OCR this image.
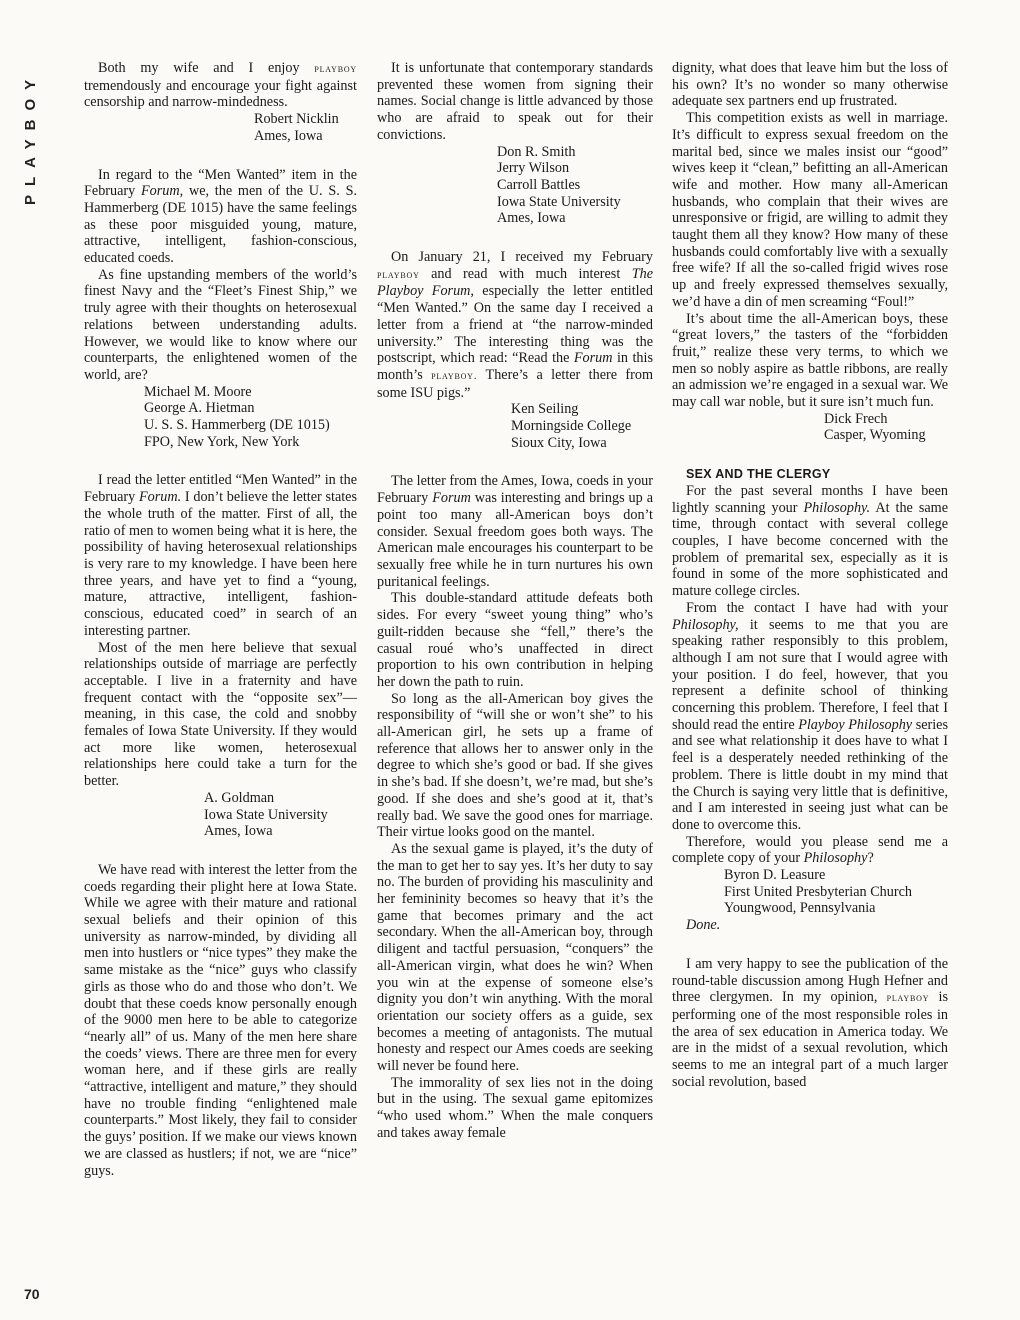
PLAYBOY

Both my wife and I enjoy playboy tremendously and encourage your fight against censorship and narrow-mindedness.

Robert Nicklin
Ames, Iowa

In regard to the “Men Wanted” item in the February Forum, we, the men of the U. S. S. Hammerberg (DE 1015) have the same feelings as these poor misguided young, mature, attractive, intelligent, fashion-conscious, educated coeds.

As fine upstanding members of the world’s finest Navy and the “Fleet’s Finest Ship,” we truly agree with their thoughts on heterosexual relations between understanding adults. However, we would like to know where our counterparts, the enlightened women of the world, are?

Michael M. Moore
George A. Hietman
U. S. S. Hammerberg (DE 1015)
FPO, New York, New York

I read the letter entitled “Men Wanted” in the February Forum. I don’t believe the letter states the whole truth of the matter. First of all, the ratio of men to women being what it is here, the possibility of having heterosexual relationships is very rare to my knowledge. I have been here three years, and have yet to find a “young, mature, attractive, intelligent, fashion-conscious, educated coed” in search of an interesting partner.

Most of the men here believe that sexual relationships outside of marriage are perfectly acceptable. I live in a fraternity and have frequent contact with the “opposite sex”—meaning, in this case, the cold and snobby females of Iowa State University. If they would act more like women, heterosexual relationships here could take a turn for the better.

A. Goldman
Iowa State University
Ames, Iowa

We have read with interest the letter from the coeds regarding their plight here at Iowa State. While we agree with their mature and rational sexual beliefs and their opinion of this university as narrow-minded, by dividing all men into hustlers or “nice types” they make the same mistake as the “nice” guys who classify girls as those who do and those who don’t. We doubt that these coeds know personally enough of the 9000 men here to be able to categorize “nearly all” of us. Many of the men here share the coeds’ views. There are three men for every woman here, and if these girls are really “attractive, intelligent and mature,” they should have no trouble finding “enlightened male counterparts.” Most likely, they fail to consider the guys’ position. If we make our views known we are classed as hustlers; if not, we are “nice” guys.

It is unfortunate that contemporary standards prevented these women from signing their names. Social change is little advanced by those who are afraid to speak out for their convictions.

Don R. Smith
Jerry Wilson
Carroll Battles
Iowa State University
Ames, Iowa

On January 21, I received my February playboy and read with much interest The Playboy Forum, especially the letter entitled “Men Wanted.” On the same day I received a letter from a friend at “the narrow-minded university.” The interesting thing was the postscript, which read: “Read the Forum in this month’s playboy. There’s a letter there from some ISU pigs.”

Ken Seiling
Morningside College
Sioux City, Iowa

The letter from the Ames, Iowa, coeds in your February Forum was interesting and brings up a point too many all-American boys don’t consider. Sexual freedom goes both ways. The American male encourages his counterpart to be sexually free while he in turn nurtures his own puritanical feelings.

This double-standard attitude defeats both sides. For every “sweet young thing” who’s guilt-ridden because she “fell,” there’s the casual roué who’s unaffected in direct proportion to his own contribution in helping her down the path to ruin.

So long as the all-American boy gives the responsibility of “will she or won’t she” to his all-American girl, he sets up a frame of reference that allows her to answer only in the degree to which she’s good or bad. If she gives in she’s bad. If she doesn’t, we’re mad, but she’s good. If she does and she’s good at it, that’s really bad. We save the good ones for marriage. Their virtue looks good on the mantel.

As the sexual game is played, it’s the duty of the man to get her to say yes. It’s her duty to say no. The burden of providing his masculinity and her femininity becomes so heavy that it’s the game that becomes primary and the act secondary. When the all-American boy, through diligent and tactful persuasion, “conquers” the all-American virgin, what does he win? When you win at the expense of someone else’s dignity you don’t win anything. With the moral orientation our society offers as a guide, sex becomes a meeting of antagonists. The mutual honesty and respect our Ames coeds are seeking will never be found here.

The immorality of sex lies not in the doing but in the using. The sexual game epitomizes “who used whom.” When the male conquers and takes away female

dignity, what does that leave him but the loss of his own? It’s no wonder so many otherwise adequate sex partners end up frustrated.

This competition exists as well in marriage. It’s difficult to express sexual freedom on the marital bed, since we males insist our “good” wives keep it “clean,” befitting an all-American wife and mother. How many all-American husbands, who complain that their wives are unresponsive or frigid, are willing to admit they taught them all they know? How many of these husbands could comfortably live with a sexually free wife? If all the so-called frigid wives rose up and freely expressed themselves sexually, we’d have a din of men screaming “Foul!”

It’s about time the all-American boys, these “great lovers,” the tasters of the “forbidden fruit,” realize these very terms, to which we men so nobly aspire as battle ribbons, are really an admission we’re engaged in a sexual war. We may call war noble, but it sure isn’t much fun.

Dick Frech
Casper, Wyoming

SEX AND THE CLERGY

For the past several months I have been lightly scanning your Philosophy. At the same time, through contact with several college couples, I have become concerned with the problem of premarital sex, especially as it is found in some of the more sophisticated and mature college circles.

From the contact I have had with your Philosophy, it seems to me that you are speaking rather responsibly to this problem, although I am not sure that I would agree with your position. I do feel, however, that you represent a definite school of thinking concerning this problem. Therefore, I feel that I should read the entire Playboy Philosophy series and see what relationship it does have to what I feel is a desperately needed rethinking of the problem. There is little doubt in my mind that the Church is saying very little that is definitive, and I am interested in seeing just what can be done to overcome this.

Therefore, would you please send me a complete copy of your Philosophy?

Byron D. Leasure
First United Presbyterian Church
Youngwood, Pennsylvania

Done.

I am very happy to see the publication of the round-table discussion among Hugh Hefner and three clergymen. In my opinion, playboy is performing one of the most responsible roles in the area of sex education in America today. We are in the midst of a sexual revolution, which seems to me an integral part of a much larger social revolution, based

70
